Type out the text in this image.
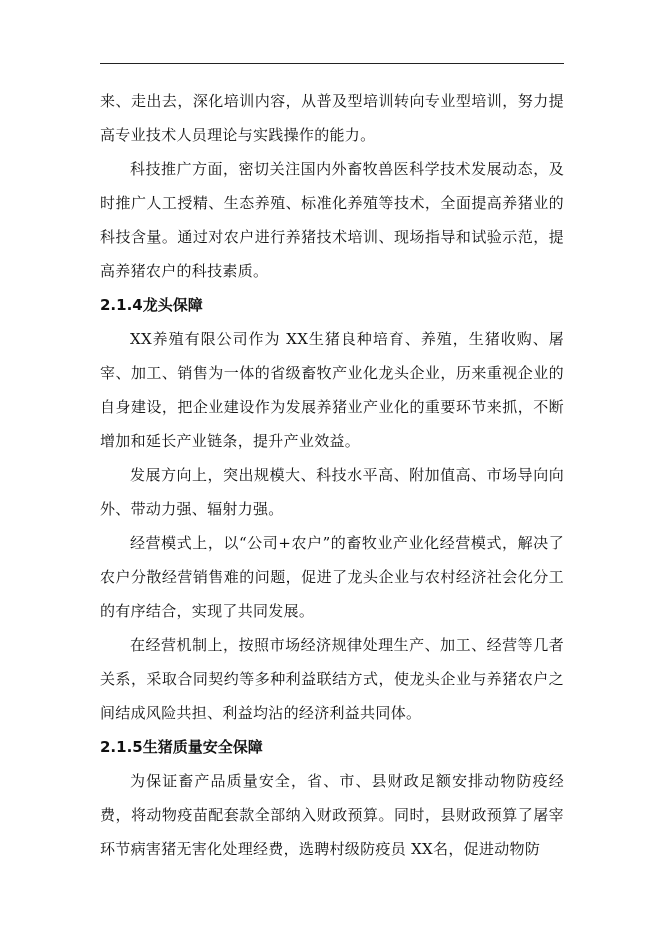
来、走出去，深化培训内容，从普及型培训转向专业型培训，努力提高专业技术人员理论与实践操作的能力。

科技推广方面，密切关注国内外畜牧兽医科学技术发展动态，及时推广人工授精、生态养殖、标准化养殖等技术，全面提高养猪业的科技含量。通过对农户进行养猪技术培训、现场指导和试验示范，提高养猪农户的科技素质。

2.1.4龙头保障

XX养殖有限公司作为 XX生猪良种培育、养殖，生猪收购、屠宰、加工、销售为一体的省级畜牧产业化龙头企业，历来重视企业的自身建设，把企业建设作为发展养猪业产业化的重要环节来抓，不断增加和延长产业链条，提升产业效益。

发展方向上，突出规模大、科技水平高、附加值高、市场导向向外、带动力强、辐射力强。

经营模式上，以“公司+农户”的畜牧业产业化经营模式，解决了农户分散经营销售难的问题，促进了龙头企业与农村经济社会化分工的有序结合，实现了共同发展。

在经营机制上，按照市场经济规律处理生产、加工、经营等几者关系，采取合同契约等多种利益联结方式，使龙头企业与养猪农户之间结成风险共担、利益均沾的经济利益共同体。

2.1.5生猪质量安全保障

为保证畜产品质量安全，省、市、县财政足额安排动物防疫经费，将动物疫苗配套款全部纳入财政预算。同时，县财政预算了屠宰环节病害猪无害化处理经费，选聘村级防疫员 XX名，促进动物防
